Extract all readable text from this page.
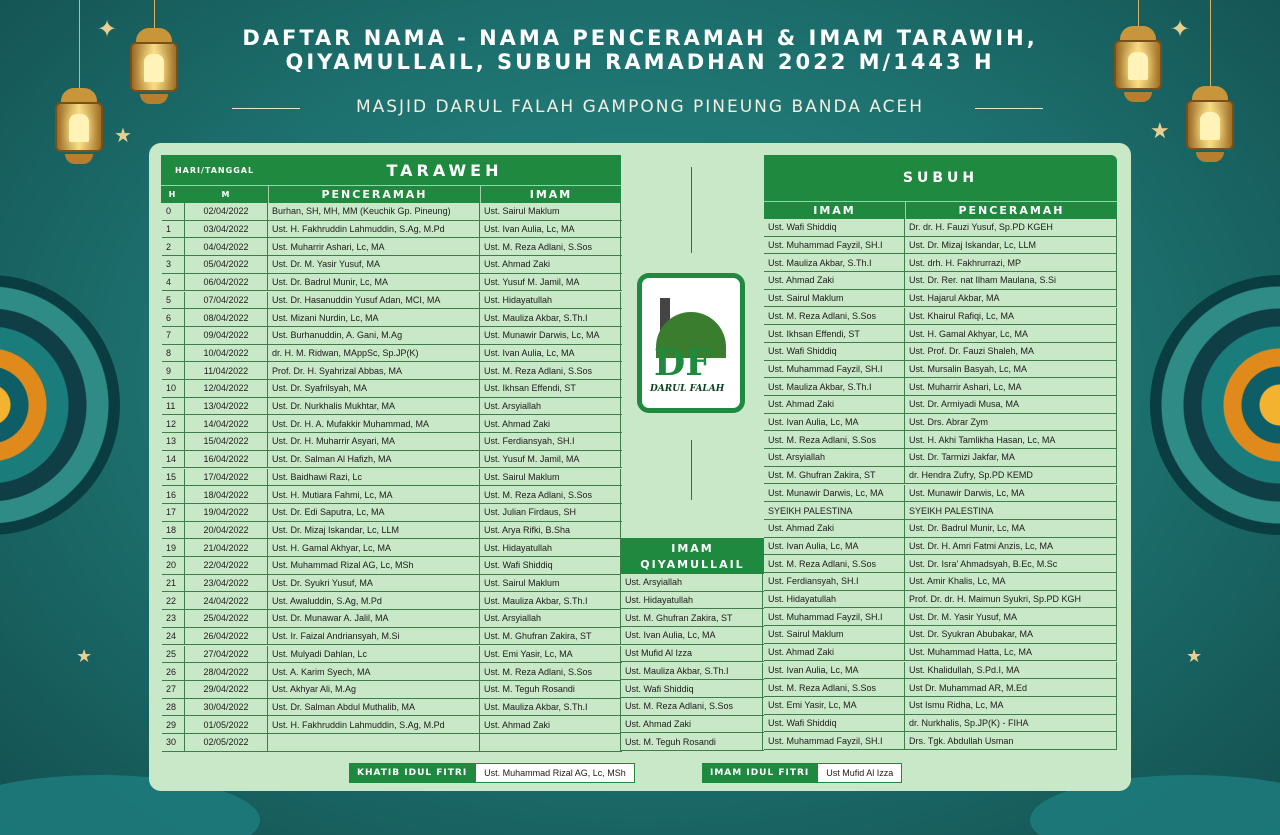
✦
★
✦
★
★	★
DAFTAR NAMA - NAMA PENCERAMAH & IMAM TARAWIH,
QIYAMULLAIL, SUBUH RAMADHAN 2022 M/1443 H
MASJID DARUL FALAH GAMPONG PINEUNG BANDA ACEH
HARI/TANGGAL	TARAWEH
H	M	PENCERAMAH	IMAM
0	02/04/2022	Burhan, SH, MH, MM (Keuchik Gp. Pineung)	Ust. Sairul Maklum
1	03/04/2022	Ust. H. Fakhruddin Lahmuddin, S.Ag, M.Pd	Ust. Ivan Aulia, Lc, MA
2	04/04/2022	Ust. Muharrir Ashari, Lc, MA	Ust. M. Reza Adlani, S.Sos
3	05/04/2022	Ust. Dr. M. Yasir Yusuf, MA	Ust. Ahmad Zaki
4	06/04/2022	Ust. Dr. Badrul Munir, Lc, MA	Ust. Yusuf M. Jamil, MA
5	07/04/2022	Ust. Dr. Hasanuddin Yusuf Adan, MCI, MA	Ust. Hidayatullah
6	08/04/2022	Ust. Mizani Nurdin, Lc, MA	Ust. Mauliza Akbar, S.Th.I
7	09/04/2022	Ust. Burhanuddin, A. Gani, M.Ag	Ust. Munawir Darwis, Lc, MA
8	10/04/2022	dr. H. M. Ridwan, MAppSc, Sp.JP(K)	Ust. Ivan Aulia, Lc, MA
9	11/04/2022	Prof. Dr. H. Syahrizal Abbas, MA	Ust. M. Reza Adlani, S.Sos
10	12/04/2022	Ust. Dr. Syafrilsyah, MA	Ust. Ikhsan Effendi, ST
11	13/04/2022	Ust. Dr. Nurkhalis Mukhtar, MA	Ust. Arsyiallah
12	14/04/2022	Ust. Dr. H. A. Mufakkir Muhammad, MA	Ust. Ahmad Zaki
13	15/04/2022	Ust. Dr. H. Muharrir Asyari, MA	Ust. Ferdiansyah, SH.I
14	16/04/2022	Ust. Dr. Salman Al Hafizh, MA	Ust. Yusuf M. Jamil, MA
15	17/04/2022	Ust. Baidhawi Razi, Lc	Ust. Sairul Maklum
16	18/04/2022	Ust. H. Mutiara Fahmi, Lc, MA	Ust. M. Reza Adlani, S.Sos
17	19/04/2022	Ust. Dr. Edi Saputra, Lc, MA	Ust. Julian Firdaus, SH
18	20/04/2022	Ust. Dr. Mizaj Iskandar, Lc, LLM	Ust. Arya Rifki, B.Sha
19	21/04/2022	Ust. H. Gamal Akhyar, Lc, MA	Ust. Hidayatullah
20	22/04/2022	Ust. Muhammad Rizal AG, Lc, MSh	Ust. Wafi Shiddiq
21	23/04/2022	Ust. Dr. Syukri Yusuf, MA	Ust. Sairul Maklum
22	24/04/2022	Ust. Awaluddin, S.Ag, M.Pd	Ust. Mauliza Akbar, S.Th.I
23	25/04/2022	Ust. Dr. Munawar A. Jalil, MA	Ust. Arsyiallah
24	26/04/2022	Ust. Ir. Faizal Andriansyah, M.Si	Ust. M. Ghufran Zakira, ST
25	27/04/2022	Ust. Mulyadi Dahlan, Lc	Ust. Emi Yasir, Lc, MA
26	28/04/2022	Ust. A. Karim Syech, MA	Ust. M. Reza Adlani, S.Sos
27	29/04/2022	Ust. Akhyar Ali, M.Ag	Ust. M. Teguh Rosandi
28	30/04/2022	Ust. Dr. Salman Abdul Muthalib, MA	Ust. Mauliza Akbar, S.Th.I
29	01/05/2022	Ust. H. Fakhruddin Lahmuddin, S.Ag, M.Pd	Ust. Ahmad Zaki
30	02/05/2022
DF
DARUL FALAH
IMAM QIYAMULLAIL
Ust. Arsyiallah
Ust. Hidayatullah
Ust. M. Ghufran Zakira, ST
Ust. Ivan Aulia, Lc, MA
Ust Mufid Al Izza
Ust. Mauliza Akbar, S.Th.I
Ust. Wafi Shiddiq
Ust. M. Reza Adlani, S.Sos
Ust. Ahmad Zaki
Ust. M. Teguh Rosandi
SUBUH
IMAM	PENCERAMAH
Ust. Wafi Shiddiq	Dr. dr. H. Fauzi Yusuf, Sp.PD KGEH
Ust. Muhammad Fayzil, SH.I	Ust. Dr. Mizaj Iskandar, Lc, LLM
Ust. Mauliza Akbar, S.Th.I	Ust. drh. H. Fakhrurrazi, MP
Ust. Ahmad Zaki	Ust. Dr. Rer. nat Ilham Maulana, S.Si
Ust. Sairul Maklum	Ust. Hajarul Akbar, MA
Ust. M. Reza Adlani, S.Sos	Ust. Khairul Rafiqi, Lc, MA
Ust. Ikhsan Effendi, ST	Ust. H. Gamal Akhyar, Lc, MA
Ust. Wafi Shiddiq	Ust. Prof. Dr. Fauzi Shaleh, MA
Ust. Muhammad Fayzil, SH.I	Ust. Mursalin Basyah, Lc, MA
Ust. Mauliza Akbar, S.Th.I	Ust. Muharrir Ashari, Lc, MA
Ust. Ahmad Zaki	Ust. Dr. Armiyadi Musa, MA
Ust. Ivan Aulia, Lc, MA	Ust. Drs. Abrar Zym
Ust. M. Reza Adlani, S.Sos	Ust. H. Akhi Tamlikha Hasan, Lc, MA
Ust. Arsyiallah	Ust. Dr. Tarmizi Jakfar, MA
Ust. M. Ghufran Zakira, ST	dr. Hendra Zufry, Sp.PD KEMD
Ust. Munawir Darwis, Lc, MA	Ust. Munawir Darwis, Lc, MA
SYEIKH PALESTINA	SYEIKH PALESTINA
Ust. Ahmad Zaki	Ust. Dr. Badrul Munir, Lc, MA
Ust. Ivan Aulia, Lc, MA	Ust. Dr. H. Amri Fatmi Anzis, Lc, MA
Ust. M. Reza Adlani, S.Sos	Ust. Dr. Isra' Ahmadsyah, B.Ec, M.Sc
Ust. Ferdiansyah, SH.I	Ust. Amir Khalis, Lc, MA
Ust. Hidayatullah	Prof. Dr. dr. H. Maimun Syukri, Sp.PD KGH
Ust. Muhammad Fayzil, SH.I	Ust. Dr. M. Yasir Yusuf, MA
Ust. Sairul Maklum	Ust. Dr. Syukran Abubakar, MA
Ust. Ahmad Zaki	Ust. Muhammad Hatta, Lc, MA
Ust. Ivan Aulia, Lc, MA	Ust. Khalidullah, S.Pd.I, MA
Ust. M. Reza Adlani, S.Sos	Ust Dr. Muhammad AR, M.Ed
Ust. Emi Yasir, Lc, MA	Ust Ismu Ridha, Lc, MA
Ust. Wafi Shiddiq	dr. Nurkhalis, Sp.JP(K) - FIHA
Ust. Muhammad Fayzil, SH.I	Drs. Tgk. Abdullah Usman
KHATIB IDUL FITRI	Ust. Muhammad Rizal AG, Lc, MSh	IMAM IDUL FITRI	Ust Mufid Al Izza
